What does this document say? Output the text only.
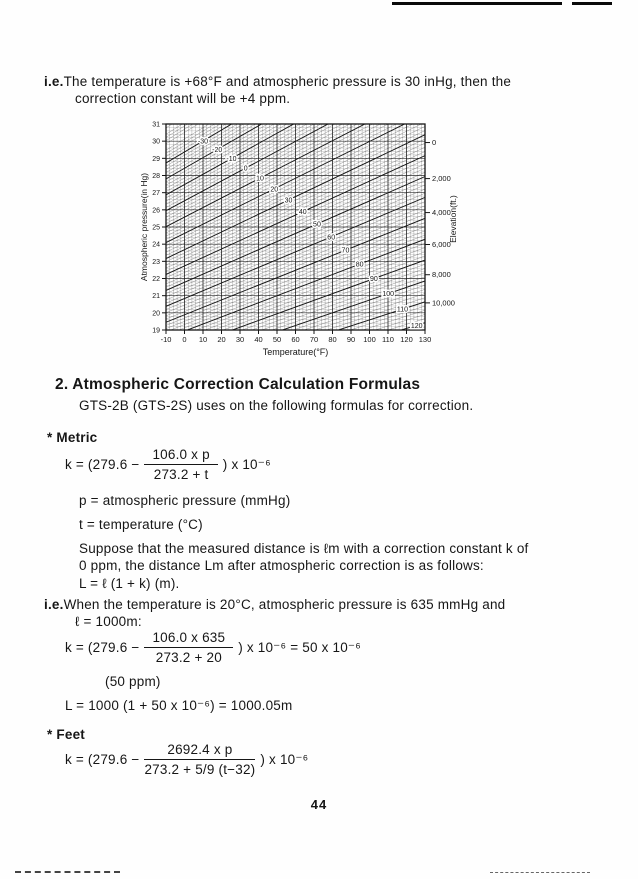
i.e.The temperature is +68°F and atmospheric pressure is 30 inHg, then the
correction constant will be +4 ppm.
-30
-20
-10
0
10
20
30
40
50
60
70
80
90
100
110
120
31
30
29
28
27
26
25
24
23
22
21
20
19
-10 0 10 20 30 40 50 60 70 80 90 100 110 120 130
0
2,000
4,000
6,000
8,000
10,000
Temperature(°F)
Atmospheric pressure(in Hg)	Elevation(ft.)
2. Atmospheric Correction Calculation Formulas
GTS-2B (GTS-2S) uses on the following formulas for correction.
* Metric
$k = (279.6 - \frac{\text{106.0 x p}}{273.2 + t}$ ) x 10⁻⁶
p = atmospheric pressure (mmHg)
t = temperature (°C)
Suppose that the measured distance is ℓm with a correction constant k of
0 ppm, the distance Lm after atmospheric correction is as follows:
L = ℓ (1 + k) (m).
i.e.When the temperature is 20°C, atmospheric pressure is 635 mmHg and
ℓ = 1000m:
$k = (279.6 - \frac{106.0 x 635}{273.2 + 20}$ ) x 10⁻⁶ = 50 x 10⁻⁶
(50 ppm)
L = 1000 (1 + 50 x 10⁻⁶) = 1000.05m
* Feet
$k = (279.6 - \frac{\text{2692.4 x p}}{273.2 + 5/9 (t-32)}$ ) x 10⁻⁶
44
